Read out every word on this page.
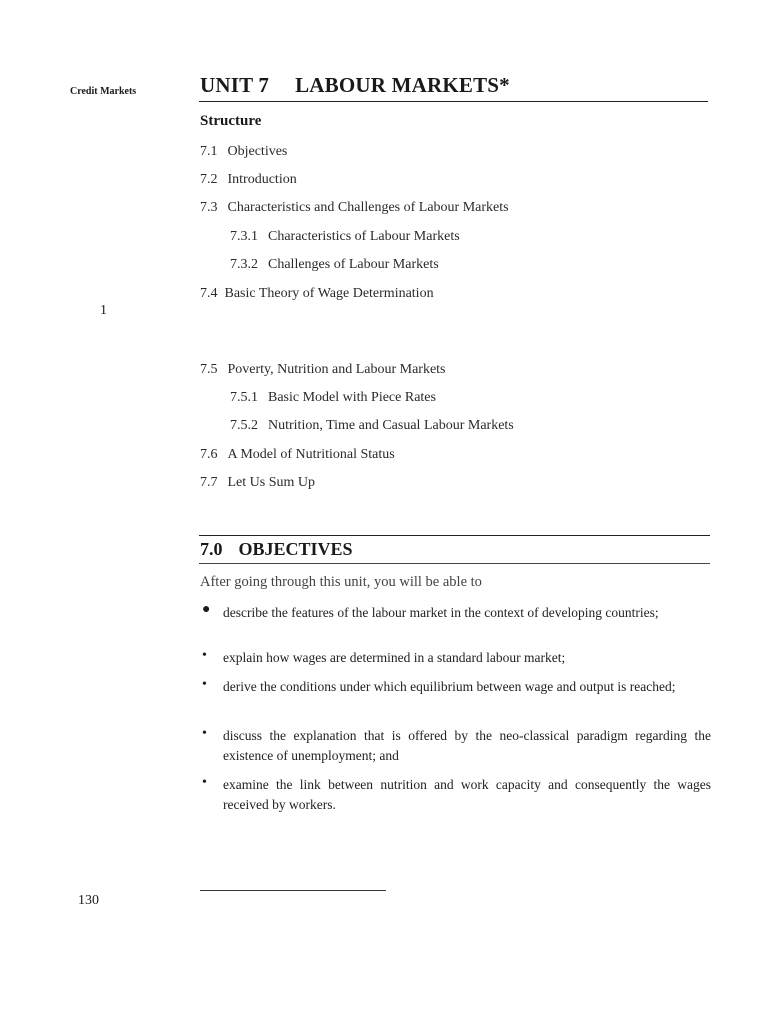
Credit Markets
1
130
UNIT 7 LABOUR MARKETS*
Structure
7.1 Objectives
7.2 Introduction
7.3 Characteristics and Challenges of Labour Markets
7.3.1 Characteristics of Labour Markets
7.3.2 Challenges of Labour Markets
7.4 Basic Theory of Wage Determination
7.5 Poverty, Nutrition and Labour Markets
7.5.1 Basic Model with Piece Rates
7.5.2 Nutrition, Time and Casual Labour Markets
7.6 A Model of Nutritional Status
7.7 Let Us Sum Up
7.0 OBJECTIVES
After going through this unit, you will be able to
● describe the features of the labour market in the context of developing countries;
• explain how wages are determined in a standard labour market;
• derive the conditions under which equilibrium between wage and output is reached;
• discuss the explanation that is offered by the neo-classical paradigm regarding the existence of unemployment; and
• examine the link between nutrition and work capacity and consequently the wages received by workers.
